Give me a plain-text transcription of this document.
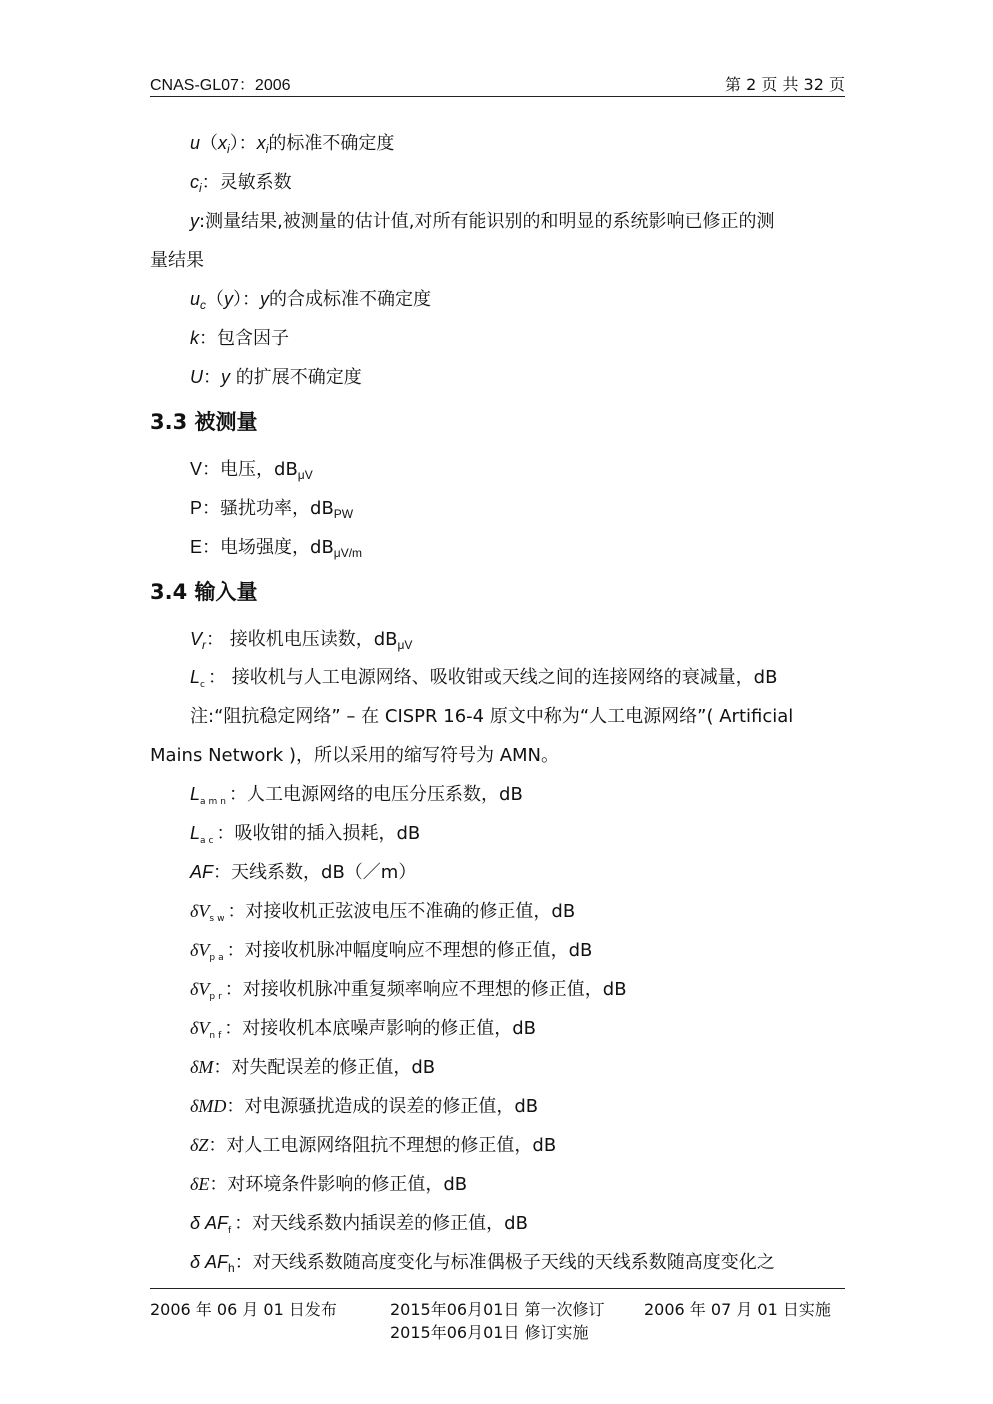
CNAS-GL07：2006	第 2 页 共 32 页
$u(x_i)$：$x_i$的标准不确定度
$c_i$：灵敏系数
y:测量结果,被测量的估计值,对所有能识别的和明显的系统影响已修正的测
量结果
$u_c(y)$：y的合成标准不确定度
k：包含因子
U：y 的扩展不确定度
3.3 被测量
V：电压，$dB_{\mu V}$
P：骚扰功率，$dB_{PW}$
E：电场强度，$dB_{\mu V/m}$
3.4 输入量
$V_r$： 接收机电压读数，$dB_{\mu V}$
$L_c$： 接收机与人工电源网络、吸收钳或天线之间的连接网络的衰减量，dB
注:“阻抗稳定网络” – 在 CISPR 16-4 原文中称为“人工电源网络”( Artificial
Mains Network )，所以采用的缩写符号为 AMN。
$L_{amn}$：人工电源网络的电压分压系数，dB
$L_{ac}$：吸收钳的插入损耗，dB
AF：天线系数，dB（／m）
$\delta V_{sw}$：对接收机正弦波电压不准确的修正值，dB
$\delta V_{pa}$：对接收机脉冲幅度响应不理想的修正值，dB
$\delta V_{pr}$：对接收机脉冲重复频率响应不理想的修正值，dB
$\delta V_{nf}$：对接收机本底噪声影响的修正值，dB
δM：对失配误差的修正值，dB
δMD：对电源骚扰造成的误差的修正值，dB
δZ：对人工电源网络阻抗不理想的修正值，dB
δE：对环境条件影响的修正值，dB
δ $AF_f$：对天线系数内插误差的修正值，dB
δ $AF_h$：对天线系数随高度变化与标准偶极子天线的天线系数随高度变化之
2006 年 06 月 01 日发布	2015年06月01日 第一次修订
2015年06月01日 修订实施
2006 年 07 月 01 日实施
